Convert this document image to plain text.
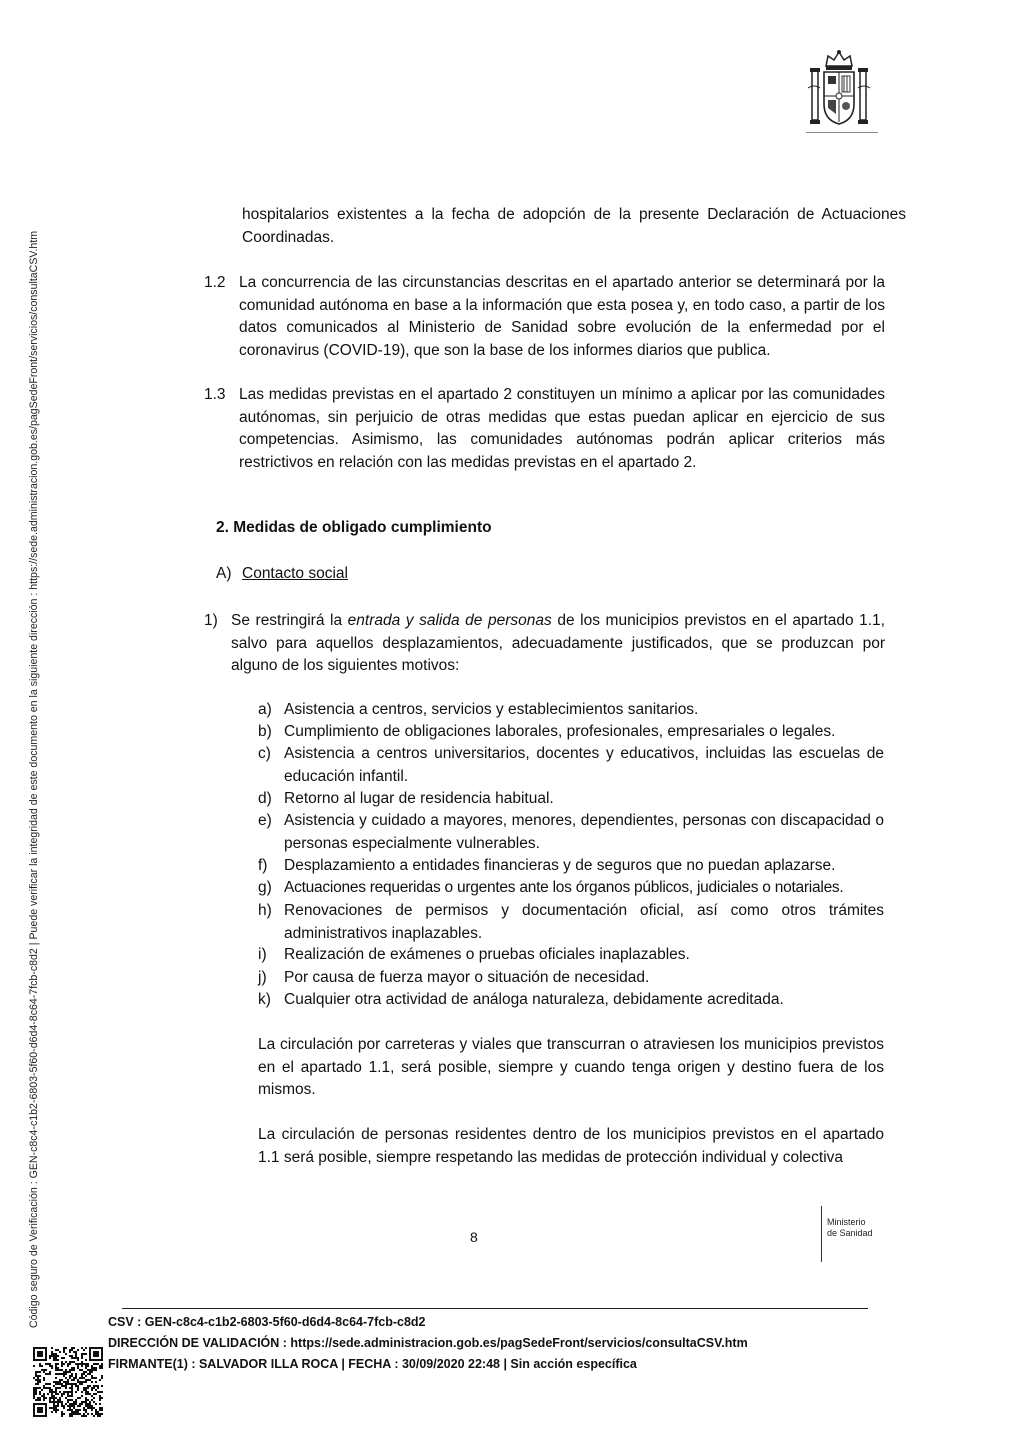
hospitalarios existentes a la fecha de adopción de la presente Declaración de Actuaciones Coordinadas.
1.2 La concurrencia de las circunstancias descritas en el apartado anterior se determinará por la comunidad autónoma en base a la información que esta posea y, en todo caso, a partir de los datos comunicados al Ministerio de Sanidad sobre evolución de la enfermedad por el coronavirus (COVID-19), que son la base de los informes diarios que publica.
1.3 Las medidas previstas en el apartado 2 constituyen un mínimo a aplicar por las comunidades autónomas, sin perjuicio de otras medidas que estas puedan aplicar en ejercicio de sus competencias. Asimismo, las comunidades autónomas podrán aplicar criterios más restrictivos en relación con las medidas previstas en el apartado 2.
2. Medidas de obligado cumplimiento
A) Contacto social
1) Se restringirá la entrada y salida de personas de los municipios previstos en el apartado 1.1, salvo para aquellos desplazamientos, adecuadamente justificados, que se produzcan por alguno de los siguientes motivos:
a) Asistencia a centros, servicios y establecimientos sanitarios.
b) Cumplimiento de obligaciones laborales, profesionales, empresariales o legales.
c) Asistencia a centros universitarios, docentes y educativos, incluidas las escuelas de educación infantil.
d) Retorno al lugar de residencia habitual.
e) Asistencia y cuidado a mayores, menores, dependientes, personas con discapacidad o personas especialmente vulnerables.
f) Desplazamiento a entidades financieras y de seguros que no puedan aplazarse.
g) Actuaciones requeridas o urgentes ante los órganos públicos, judiciales o notariales.
h) Renovaciones de permisos y documentación oficial, así como otros trámites administrativos inaplazables.
i) Realización de exámenes o pruebas oficiales inaplazables.
j) Por causa de fuerza mayor o situación de necesidad.
k) Cualquier otra actividad de análoga naturaleza, debidamente acreditada.
La circulación por carreteras y viales que transcurran o atraviesen los municipios previstos en el apartado 1.1, será posible, siempre y cuando tenga origen y destino fuera de los mismos.
La circulación de personas residentes dentro de los municipios previstos en el apartado 1.1 será posible, siempre respetando las medidas de protección individual y colectiva
8
Ministerio
de Sanidad
Código seguro de Verificación : GEN-c8c4-c1b2-6803-5f60-d6d4-8c64-7fcb-c8d2 | Puede verificar la integridad de este documento en la siguiente dirección : https://sede.administracion.gob.es/pagSedeFront/servicios/consultaCSV.htm	CSV : GEN-c8c4-c1b2-6803-5f60-d6d4-8c64-7fcb-c8d2
DIRECCIÓN DE VALIDACIÓN : https://sede.administracion.gob.es/pagSedeFront/servicios/consultaCSV.htm
FIRMANTE(1) : SALVADOR ILLA ROCA | FECHA : 30/09/2020 22:48 | Sin acción específica
